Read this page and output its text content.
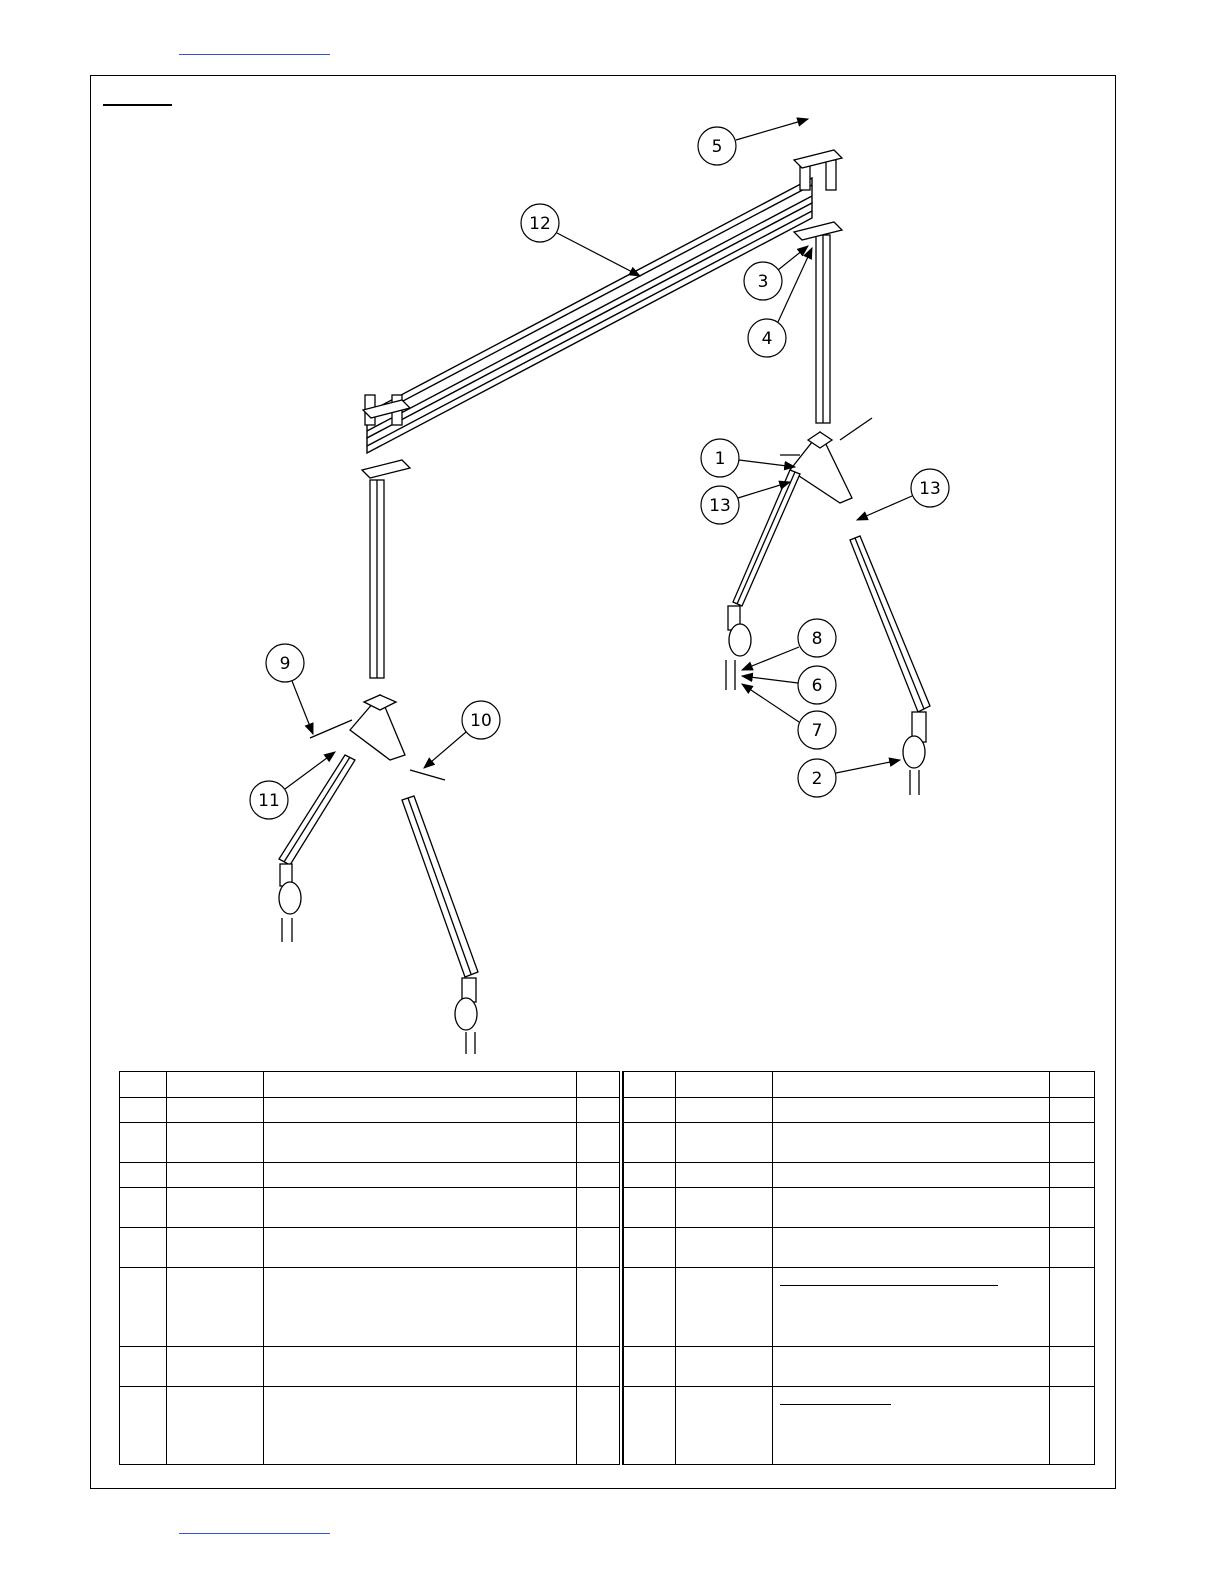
5
12
3
4
1
13
13
8
6
7
2
9
10
11
